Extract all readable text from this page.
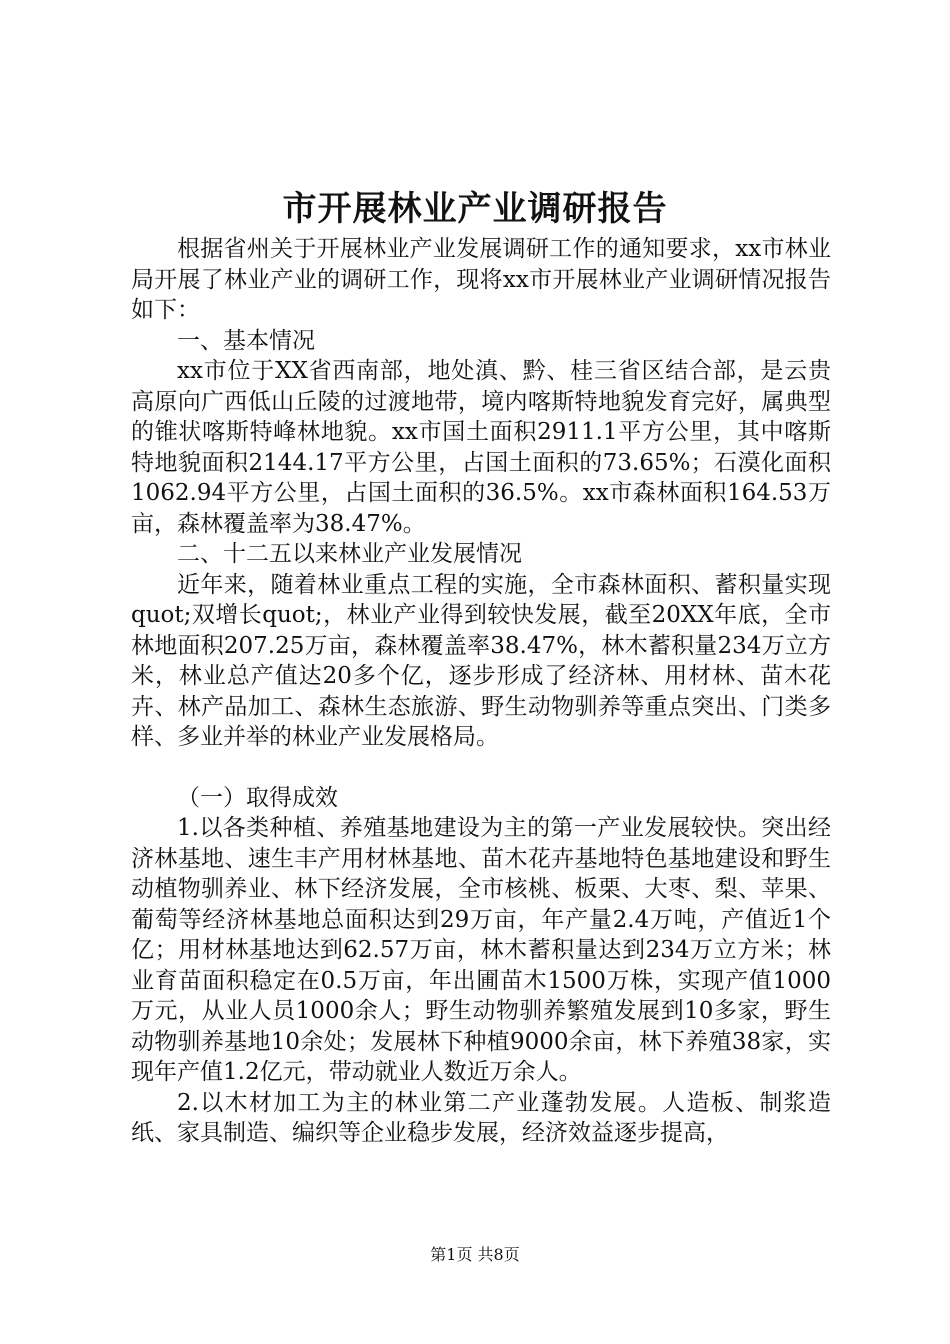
市开展林业产业调研报告

根据省州关于开展林业产业发展调研工作的通知要求，xx市林业局开展了林业产业的调研工作，现将xx市开展林业产业调研情况报告如下：

一、基本情况

xx市位于XX省西南部，地处滇、黔、桂三省区结合部，是云贵高原向广西低山丘陵的过渡地带，境内喀斯特地貌发育完好，属典型的锥状喀斯特峰林地貌。xx市国土面积2911.1平方公里，其中喀斯特地貌面积2144.17平方公里，占国土面积的73.65%；石漠化面积1062.94平方公里，占国土面积的36.5%。xx市森林面积164.53万亩，森林覆盖率为38.47%。

二、十二五以来林业产业发展情况

近年来，随着林业重点工程的实施，全市森林面积、蓄积量实现quot;双增长quot;，林业产业得到较快发展，截至20XX年底，全市林地面积207.25万亩，森林覆盖率38.47%，林木蓄积量234万立方米，林业总产值达20多个亿，逐步形成了经济林、用材林、苗木花卉、林产品加工、森林生态旅游、野生动物驯养等重点突出、门类多样、多业并举的林业产业发展格局。

（一）取得成效

1.以各类种植、养殖基地建设为主的第一产业发展较快。突出经济林基地、速生丰产用材林基地、苗木花卉基地特色基地建设和野生动植物驯养业、林下经济发展，全市核桃、板栗、大枣、梨、苹果、葡萄等经济林基地总面积达到29万亩，年产量2.4万吨，产值近1个亿；用材林基地达到62.57万亩，林木蓄积量达到234万立方米；林业育苗面积稳定在0.5万亩，年出圃苗木1500万株，实现产值1000万元，从业人员1000余人；野生动物驯养繁殖发展到10多家，野生动物驯养基地10余处；发展林下种植9000余亩，林下养殖38家，实现年产值1.2亿元，带动就业人数近万余人。

2.以木材加工为主的林业第二产业蓬勃发展。人造板、制浆造纸、家具制造、编织等企业稳步发展，经济效益逐步提高，

第1页 共8页
